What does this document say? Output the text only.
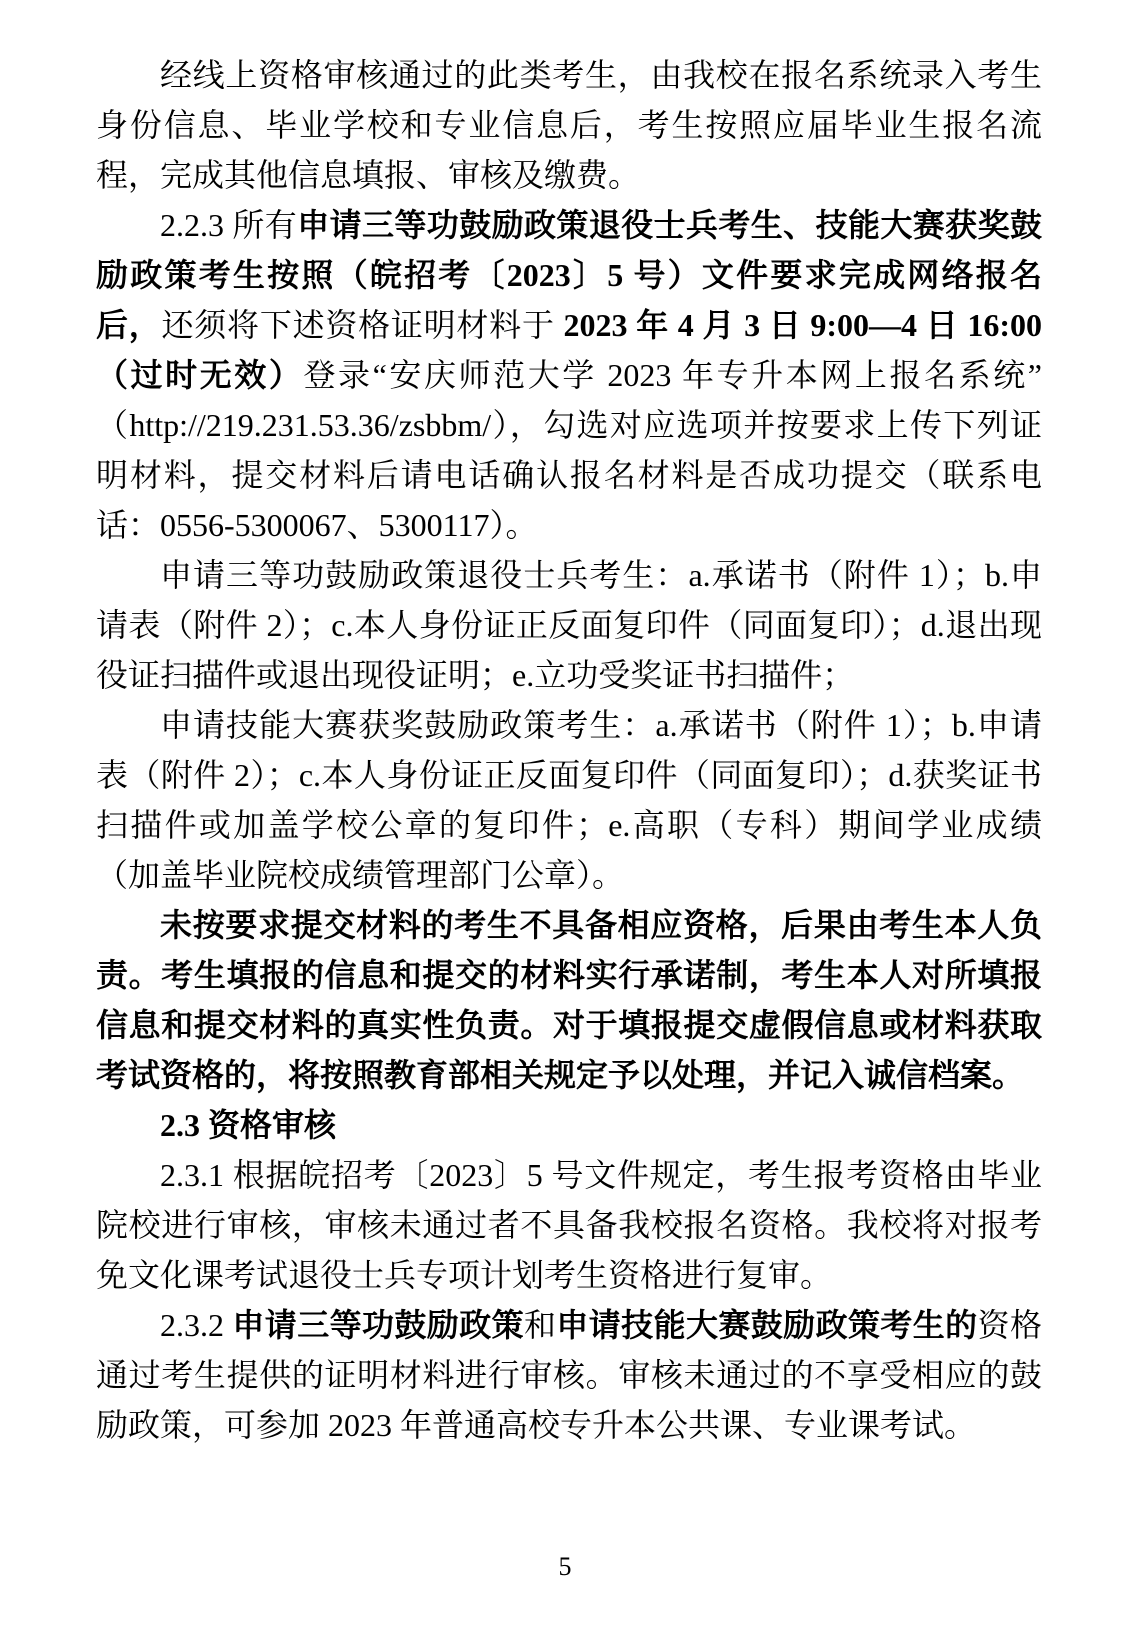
经线上资格审核通过的此类考生，由我校在报名系统录入考生身份信息、毕业学校和专业信息后，考生按照应届毕业生报名流程，完成其他信息填报、审核及缴费。

2.2.3 所有申请三等功鼓励政策退役士兵考生、技能大赛获奖鼓励政策考生按照（皖招考〔2023〕5 号）文件要求完成网络报名后，还须将下述资格证明材料于 2023 年 4 月 3 日 9:00—4 日 16:00（过时无效）登录“安庆师范大学 2023 年专升本网上报名系统”（http://219.231.53.36/zsbbm/），勾选对应选项并按要求上传下列证明材料，提交材料后请电话确认报名材料是否成功提交（联系电话：0556-5300067、5300117）。

申请三等功鼓励政策退役士兵考生：a.承诺书（附件 1）；b.申请表（附件 2）；c.本人身份证正反面复印件（同面复印）；d.退出现役证扫描件或退出现役证明；e.立功受奖证书扫描件；

申请技能大赛获奖鼓励政策考生：a.承诺书（附件 1）；b.申请表（附件 2）；c.本人身份证正反面复印件（同面复印）；d.获奖证书扫描件或加盖学校公章的复印件；e.高职（专科）期间学业成绩（加盖毕业院校成绩管理部门公章）。

未按要求提交材料的考生不具备相应资格，后果由考生本人负责。考生填报的信息和提交的材料实行承诺制，考生本人对所填报信息和提交材料的真实性负责。对于填报提交虚假信息或材料获取考试资格的，将按照教育部相关规定予以处理，并记入诚信档案。

2.3 资格审核

2.3.1 根据皖招考〔2023〕5 号文件规定，考生报考资格由毕业院校进行审核，审核未通过者不具备我校报名资格。我校将对报考免文化课考试退役士兵专项计划考生资格进行复审。

2.3.2 申请三等功鼓励政策和申请技能大赛鼓励政策考生的资格通过考生提供的证明材料进行审核。审核未通过的不享受相应的鼓励政策，可参加 2023 年普通高校专升本公共课、专业课考试。

5
